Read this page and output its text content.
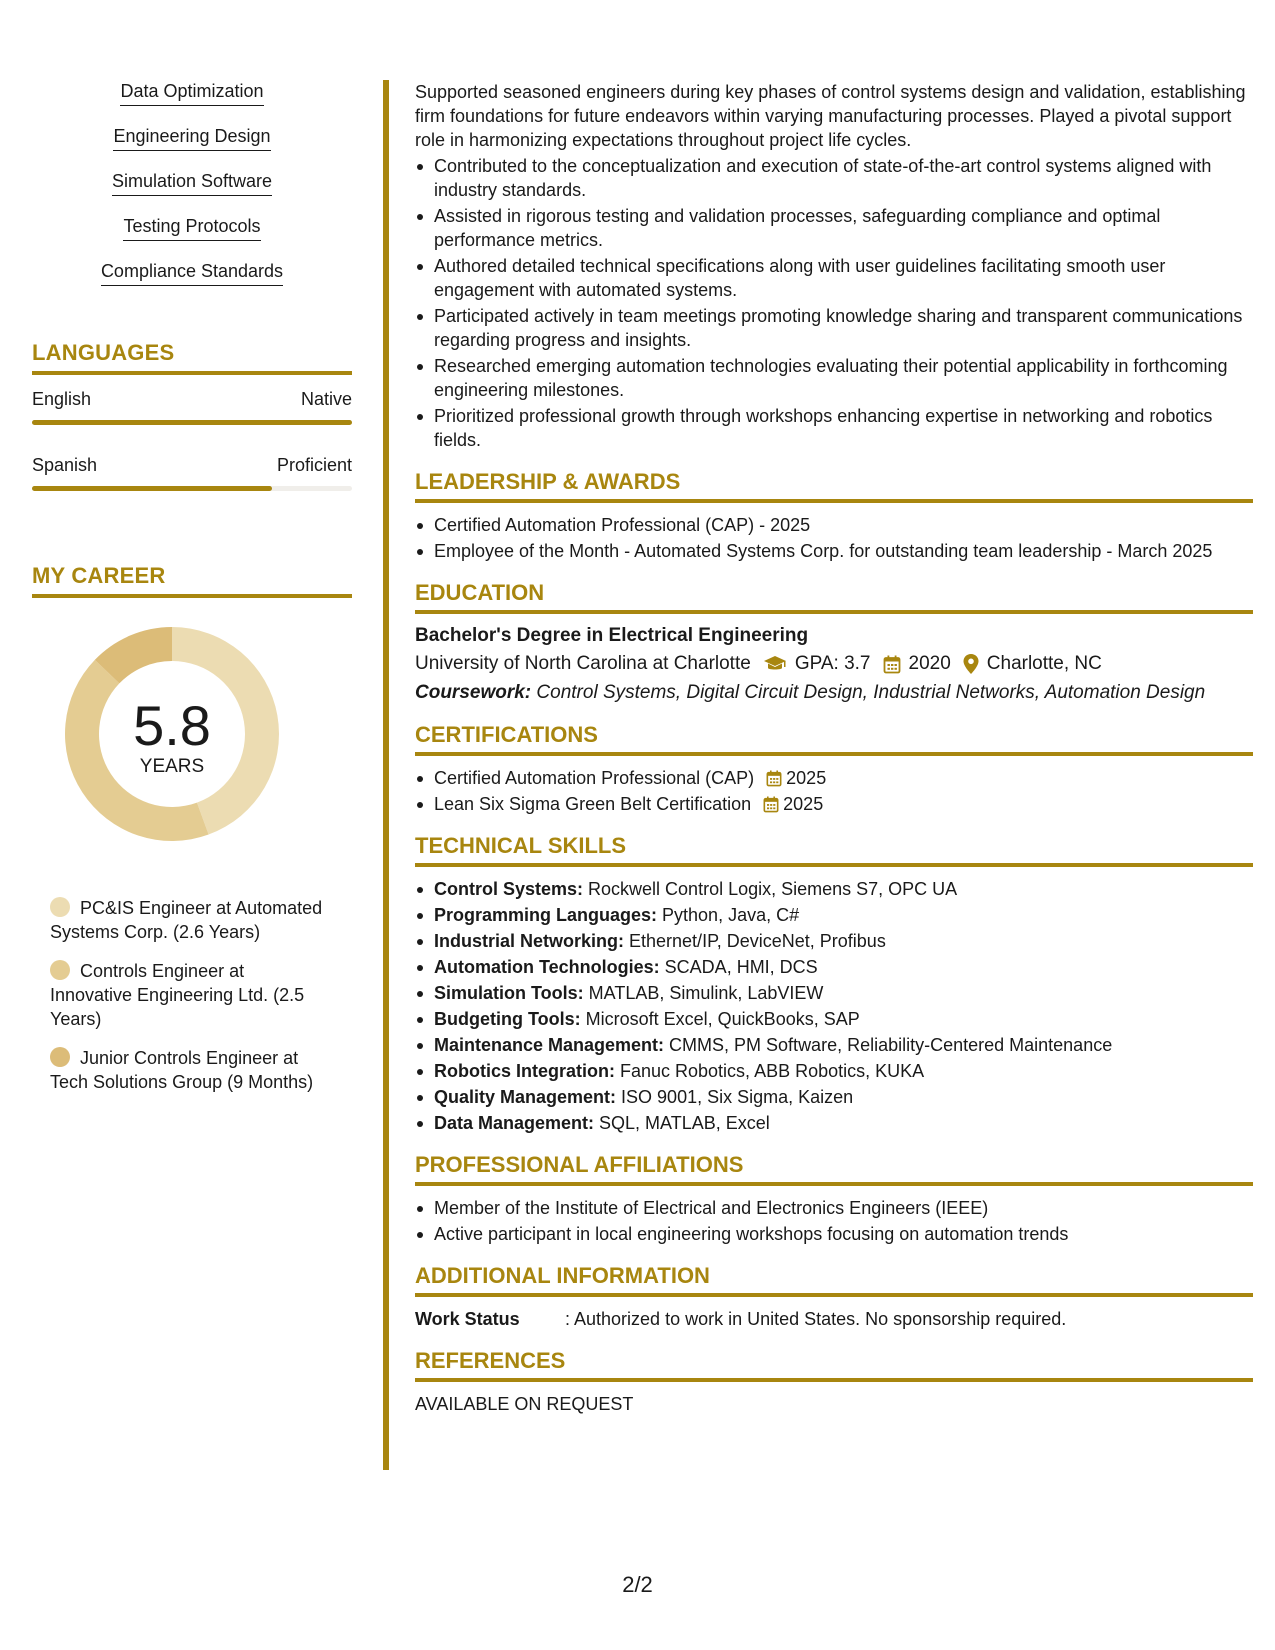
Data Optimization
Engineering Design
Simulation Software
Testing Protocols
Compliance Standards
LANGUAGES
English	Native
Spanish	Proficient
MY CAREER
5.8
YEARS
PC&IS Engineer at Automated Systems Corp. (2.6 Years)
Controls Engineer at Innovative Engineering Ltd. (2.5 Years)
Junior Controls Engineer at Tech Solutions Group (9 Months)

Supported seasoned engineers during key phases of control systems design and validation, establishing firm foundations for future endeavors within varying manufacturing processes. Played a pivotal support role in harmonizing expectations throughout project life cycles.

Contributed to the conceptualization and execution of state-of-the-art control systems aligned with industry standards.
Assisted in rigorous testing and validation processes, safeguarding compliance and optimal performance metrics.
Authored detailed technical specifications along with user guidelines facilitating smooth user engagement with automated systems.
Participated actively in team meetings promoting knowledge sharing and transparent communications regarding progress and insights.
Researched emerging automation technologies evaluating their potential applicability in forthcoming engineering milestones.
Prioritized professional growth through workshops enhancing expertise in networking and robotics fields.
LEADERSHIP & AWARDS
Certified Automation Professional (CAP) - 2025
Employee of the Month - Automated Systems Corp. for outstanding team leadership - March 2025
EDUCATION
Bachelor's Degree in Electrical Engineering
University of North Carolina at Charlotte GPA: 3.7 2020 Charlotte, NC
Coursework: Control Systems, Digital Circuit Design, Industrial Networks, Automation Design
CERTIFICATIONS
Certified Automation Professional (CAP) 2025
Lean Six Sigma Green Belt Certification 2025
TECHNICAL SKILLS
Control Systems: Rockwell Control Logix, Siemens S7, OPC UA
Programming Languages: Python, Java, C#
Industrial Networking: Ethernet/IP, DeviceNet, Profibus
Automation Technologies: SCADA, HMI, DCS
Simulation Tools: MATLAB, Simulink, LabVIEW
Budgeting Tools: Microsoft Excel, QuickBooks, SAP
Maintenance Management: CMMS, PM Software, Reliability-Centered Maintenance
Robotics Integration: Fanuc Robotics, ABB Robotics, KUKA
Quality Management: ISO 9001, Six Sigma, Kaizen
Data Management: SQL, MATLAB, Excel
PROFESSIONAL AFFILIATIONS
Member of the Institute of Electrical and Electronics Engineers (IEEE)
Active participant in local engineering workshops focusing on automation trends
ADDITIONAL INFORMATION
Work Status	: Authorized to work in United States. No sponsorship required.
REFERENCES
AVAILABLE ON REQUEST
2/2
